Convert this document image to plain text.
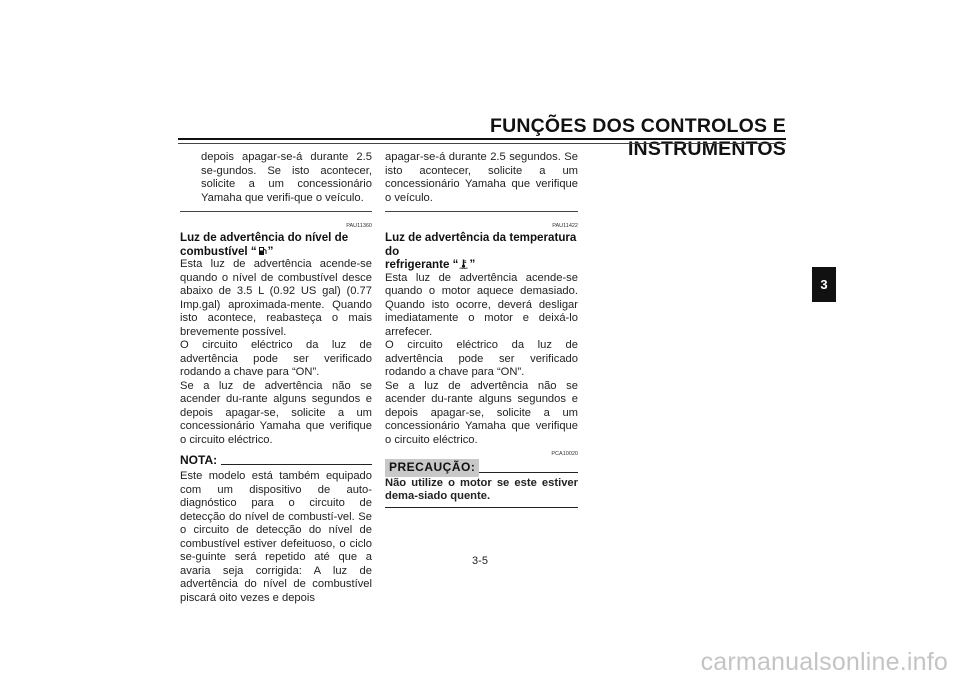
FUNÇÕES DOS CONTROLOS E INSTRUMENTOS
3

depois apagar-se-á durante 2.5 se-gundos. Se isto acontecer, solicite a um concessionário Yamaha que verifi-que o veículo.

PAU11360
Luz de advertência do nível de
combustível “ ”

Esta luz de advertência acende-se quando o nível de combustível desce abaixo de 3.5 L (0.92 US gal) (0.77 Imp.gal) aproximada-mente. Quando isto acontece, reabasteça o mais brevemente possível.

O circuito eléctrico da luz de advertência pode ser verificado rodando a chave para “ON”.

Se a luz de advertência não se acender du-rante alguns segundos e depois apagar-se, solicite a um concessionário Yamaha que verifique o circuito eléctrico.

NOTA:

Este modelo está também equipado com um dispositivo de auto-diagnóstico para o circuito de detecção do nível de combustí-vel. Se o circuito de detecção do nível de combustível estiver defeituoso, o ciclo se-guinte será repetido até que a avaria seja corrigida: A luz de advertência do nível de combustível piscará oito vezes e depois

apagar-se-á durante 2.5 segundos. Se isto acontecer, solicite a um concessionário Yamaha que verifique o veículo.

PAU11422
Luz de advertência da temperatura do
refrigerante “ ”

Esta luz de advertência acende-se quando o motor aquece demasiado. Quando isto ocorre, deverá desligar imediatamente o motor e deixá-lo arrefecer.

O circuito eléctrico da luz de advertência pode ser verificado rodando a chave para “ON”.

Se a luz de advertência não se acender du-rante alguns segundos e depois apagar-se, solicite a um concessionário Yamaha que verifique o circuito eléctrico.

PCA10020
PRECAUÇÃO:

Não utilize o motor se este estiver dema-siado quente.

3-5
carmanualsonline.info
